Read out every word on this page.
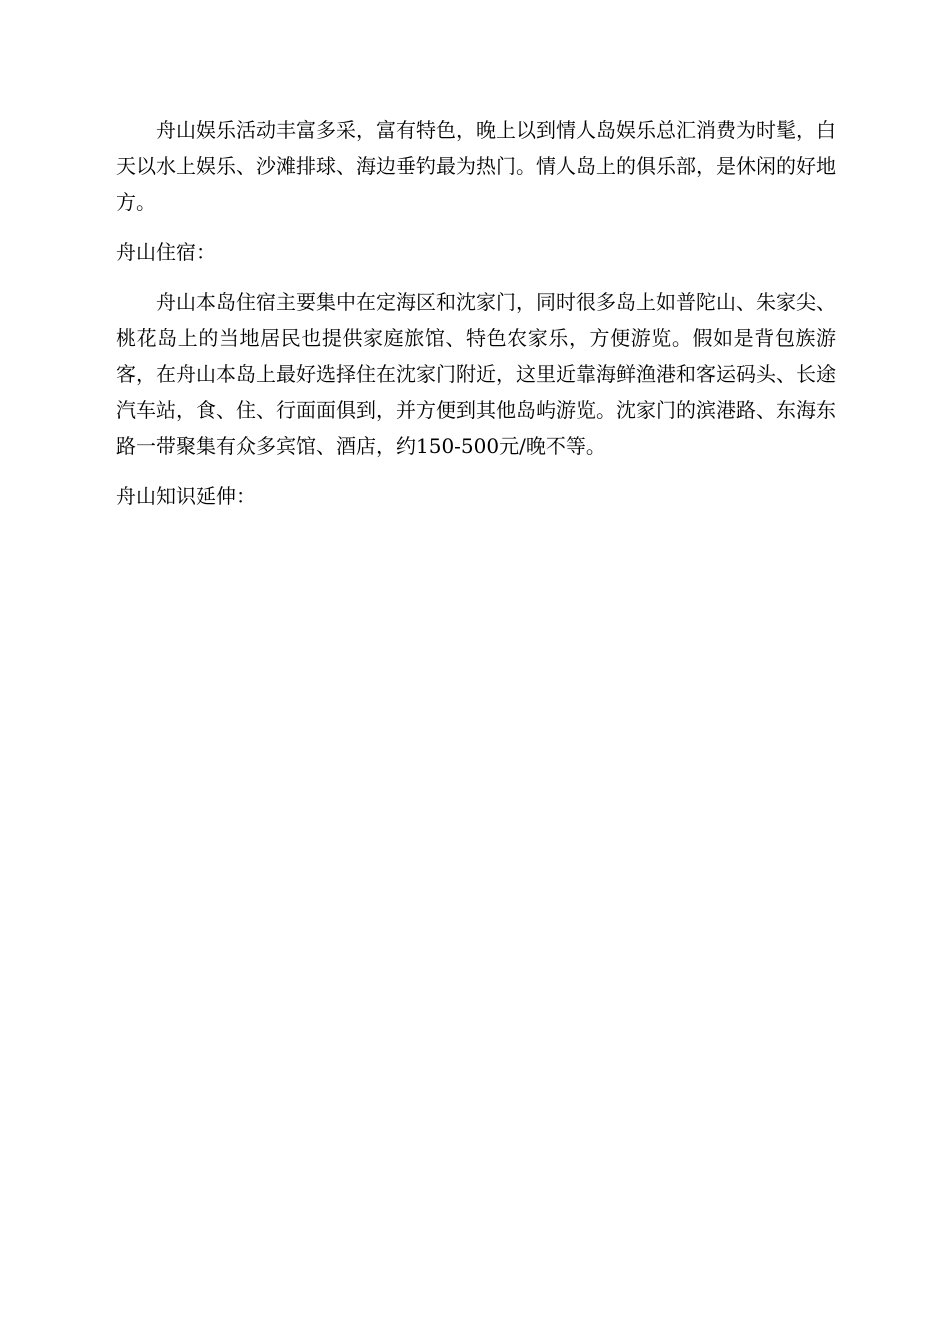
舟山娱乐活动丰富多采，富有特色，晚上以到情人岛娱乐总汇消费为时髦，白天以水上娱乐、沙滩排球、海边垂钓最为热门。情人岛上的俱乐部，是休闲的好地方。

舟山住宿：

舟山本岛住宿主要集中在定海区和沈家门，同时很多岛上如普陀山、朱家尖、桃花岛上的当地居民也提供家庭旅馆、特色农家乐，方便游览。假如是背包族游客，在舟山本岛上最好选择住在沈家门附近，这里近靠海鲜渔港和客运码头、长途汽车站，食、住、行面面俱到，并方便到其他岛屿游览。沈家门的滨港路、东海东路一带聚集有众多宾馆、酒店，约150-500元/晚不等。

舟山知识延伸：
